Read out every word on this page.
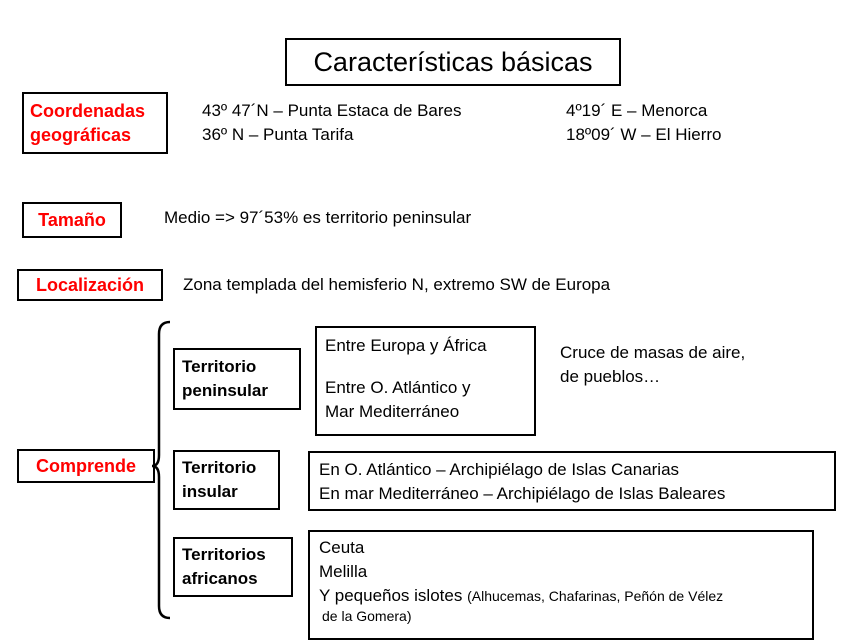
Características básicas
Coordenadas
geográficas
43º 47´N – Punta Estaca de Bares
36º N – Punta Tarifa
4º19´ E – Menorca
18º09´ W – El Hierro
Tamaño	Medio => 97´53% es territorio peninsular
Localización Zona templada del hemisferio N, extremo SW de Europa
Comprende
Territorio
peninsular
Entre Europa y África
Entre O. Atlántico y
Mar Mediterráneo
Cruce de masas de aire,
de pueblos…
Territorio
insular
En O. Atlántico – Archipiélago de Islas Canarias
En mar Mediterráneo – Archipiélago de Islas Baleares
Territorios
africanos
Ceuta
Melilla
Y pequeños islotes (Alhucemas, Chafarinas, Peñón de Vélez
de la Gomera)
